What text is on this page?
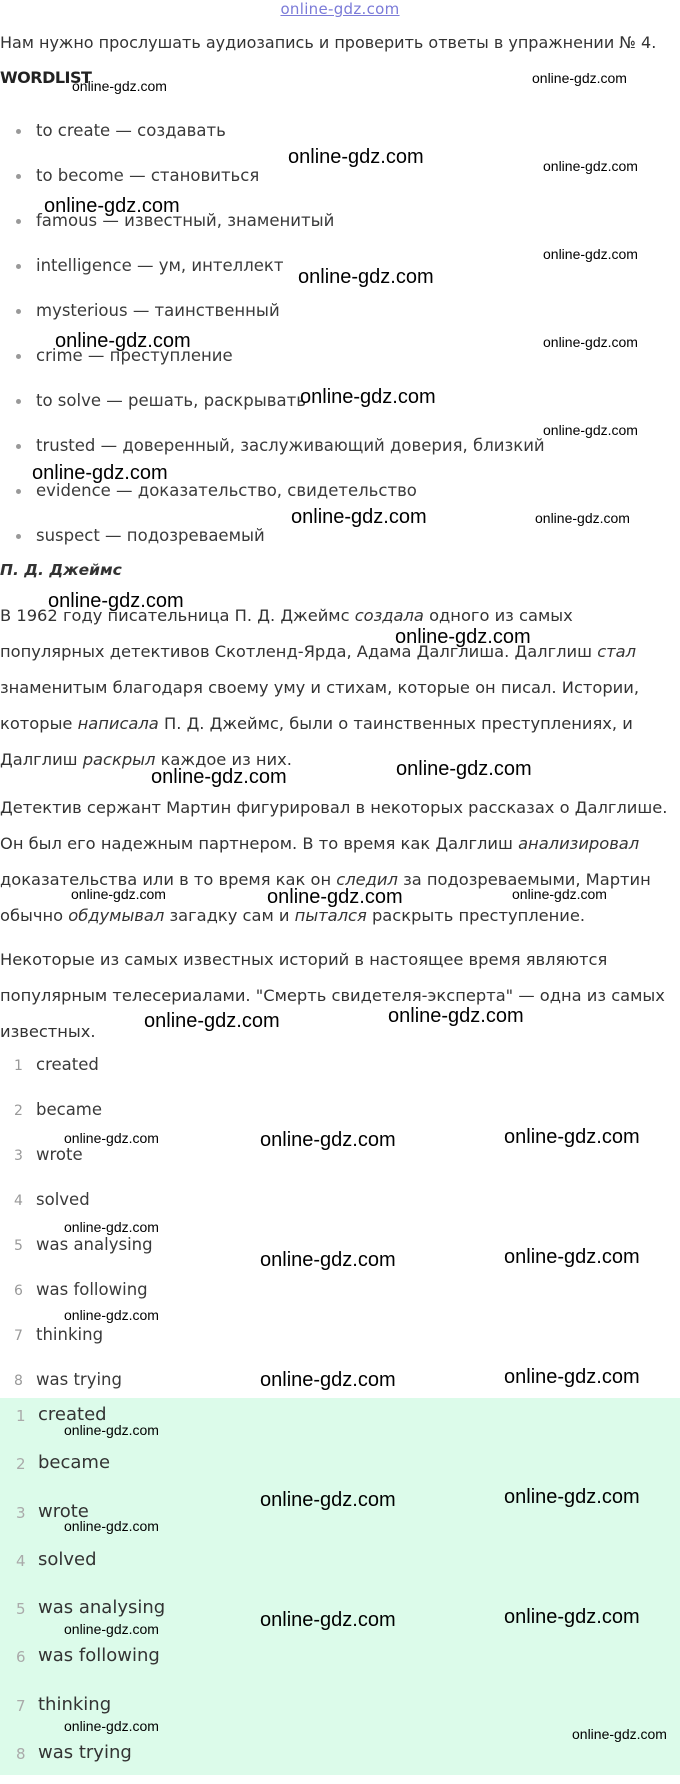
online-gdz.com
Нам нужно прослушать аудиозапись и проверить ответы в упражнении № 4.
WORDLIST
to create — создавать
to become — становиться
famous — известный, знаменитый
intelligence — ум, интеллект
mysterious — таинственный
crime — преступление
to solve — решать, раскрывать
trusted — доверенный, заслуживающий доверия, близкий
evidence — доказательство, свидетельство
suspect — подозреваемый
П. Д. Джеймс

В 1962 году писательница П. Д. Джеймс создала одного из самых популярных детективов Скотленд-Ярда, Адама Далглиша. Далглиш стал знаменитым благодаря своему уму и стихам, которые он писал. Истории, которые написала П. Д. Джеймс, были о таинственных преступлениях, и Далглиш раскрыл каждое из них.

Детектив сержант Мартин фигурировал в некоторых рассказах о Далглише. Он был его надежным партнером. В то время как Далглиш анализировал доказательства или в то время как он следил за подозреваемыми, Мартин обычно обдумывал загадку сам и пытался раскрыть преступление.

Некоторые из самых известных историй в настоящее время являются популярным телесериалами. "Смерть свидетеля-эксперта" — одна из самых известных.

1 created
2 became
3 wrote
4 solved
5 was analysing
6 was following
7 thinking
8 was trying
1 created
2 became
3 wrote
4 solved
5 was analysing
6 was following
7 thinking
8 was trying
online-gdz.com	online-gdz.com
online-gdz.com	online-gdz.com
online-gdz.com
online-gdz.com
online-gdz.com
online-gdz.com	online-gdz.com
online-gdz.com
online-gdz.com
online-gdz.com
online-gdz.com	online-gdz.com
online-gdz.com
online-gdz.com
online-gdz.com	online-gdz.com
online-gdz.com	online-gdz.com	online-gdz.com
online-gdz.com	online-gdz.com
online-gdz.com	online-gdz.com	online-gdz.com
online-gdz.com
online-gdz.com	online-gdz.com
online-gdz.com
online-gdz.com	online-gdz.com
online-gdz.com
online-gdz.com	online-gdz.com
online-gdz.com
online-gdz.com	online-gdz.com
online-gdz.com
online-gdz.com	online-gdz.com
